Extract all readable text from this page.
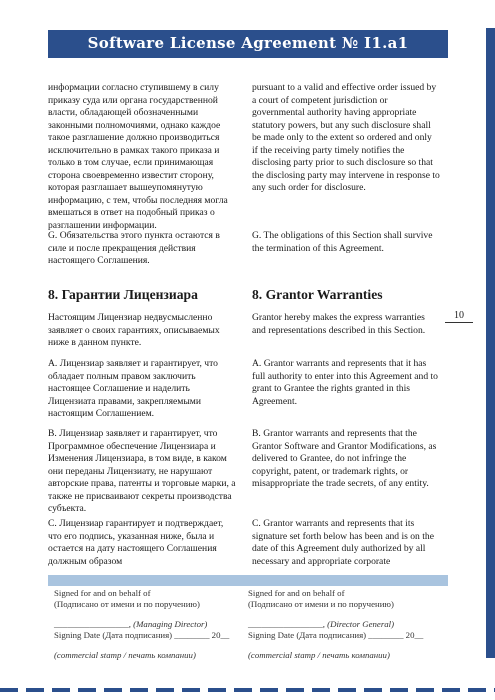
Software License Agreement № I1.a1
10

информации согласно ступившему в силу приказу суда или органа государственной власти, обладающей обозначенными законными полномочиями, однако каждое такое разглашение должно производиться исключительно в рамках такого приказа и только в том случае, если принимающая сторона своевременно известит сторону, которая разглашает вышеупомянутую информацию, с тем, чтобы последняя могла вмешаться в ответ на подобный приказ о разглашении информации.

G. Обязательства этого пункта остаются в силе и после прекращения действия настоящего Соглашения.

8. Гарантии Лицензиара

Настоящим Лицензиар недвусмысленно заявляет о своих гарантиях, описываемых ниже в данном пункте.

A. Лицензиар заявляет и гарантирует, что обладает полным правом заключить настоящее Соглашение и наделить Лицензиата правами, закрепляемыми настоящим Соглашением.

B. Лицензиар заявляет и гарантирует, что Программное обеспечение Лицензиара и Изменения Лицензиара, в том виде, в каком они переданы Лицензиату, не нарушают авторские права, патенты и торговые марки, а также не присваивают секреты производства субъекта.

C. Лицензиар гарантирует и подтверждает, что его подпись, указанная ниже, была и остается на дату настоящего Соглашения должным образом

pursuant to a valid and effective order issued by a court of competent jurisdiction or governmental authority having appropriate statutory powers, but any such disclosure shall be made only to the extent so ordered and only if the receiving party timely notifies the disclosing party prior to such disclosure so that the disclosing party may intervene in response to any such order for disclosure.

G. The obligations of this Section shall survive the termination of this Agreement.

8. Grantor Warranties

Grantor hereby makes the express warranties and representations described in this Section.

A. Grantor warrants and represents that it has full authority to enter into this Agreement and to grant to Grantee the rights granted in this Agreement.

B. Grantor warrants and represents that the Grantor Software and Grantor Modifications, as delivered to Grantee, do not infringe the copyright, patent, or trademark rights, or misappropriate the trade secrets, of any entity.

C. Grantor warrants and represents that its signature set forth below has been and is on the date of this Agreement duly authorized by all necessary and appropriate corporate

Signed for and on behalf of
(Подписано от имени и по поручению)
_________________, (Managing Director)
Signing Date (Дата подписания) ________ 20__
(commercial stamp / печать компании)
Signed for and on behalf of
(Подписано от имени и по поручению)
_________________, (Director General)
Signing Date (Дата подписания) ________ 20__
(commercial stamp / печать компании)
